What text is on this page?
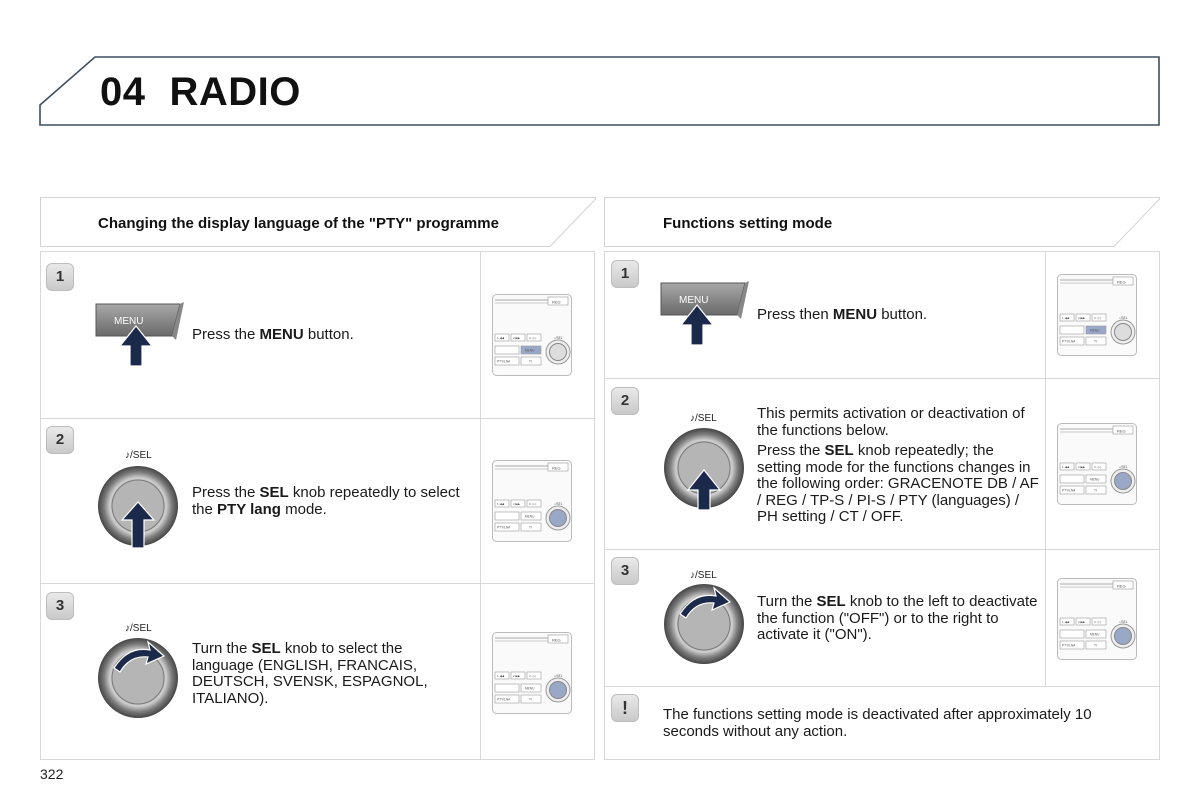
04 RADIO
Changing the display language of the "PTY" programme
1
2
3
MENU
Press the MENU button.
♪/SEL
Press the SEL knob repeatedly to select the PTY lang mode.
♪/SEL
Turn the SEL knob to select the language (ENGLISH, FRANCAIS, DEUTSCH, SVENSK, ESPAGNOL, ITALIANO).
Functions setting mode
1
2
3
!
MENU
Press then MENU button.
♪/SEL	This permits activation or deactivation of the functions below.
Press the SEL knob repeatedly; the setting mode for the functions changes in the following order: GRACENOTE DB / AF / REG / TP-S / PI-S / PTY (languages) / PH setting / CT / OFF.
♪/SEL
Turn the SEL knob to the left to deactivate the function ("OFF") or to the right to activate it ("ON").
The functions setting mode is deactivated after approximately 10 seconds without any action.
REG
1 ◀◀	2 ▶▶	3 ◁◁
MENU
PTY/LNA	TI
♪/SEL
REG
1 ◀◀	2 ▶▶	3 ◁◁
MENU
PTY/LNA	TI
♪/SEL
REG
1 ◀◀	2 ▶▶	3 ◁◁
MENU
PTY/LNA	TI
♪/SEL
REG
1 ◀◀	2 ▶▶	3 ◁◁
MENU
PTY/LNA	TI
♪/SEL
REG
1 ◀◀	2 ▶▶	3 ◁◁
MENU
PTY/LNA	TI
♪/SEL
REG
1 ◀◀	2 ▶▶	3 ◁◁
MENU
PTY/LNA	TI
♪/SEL
322
